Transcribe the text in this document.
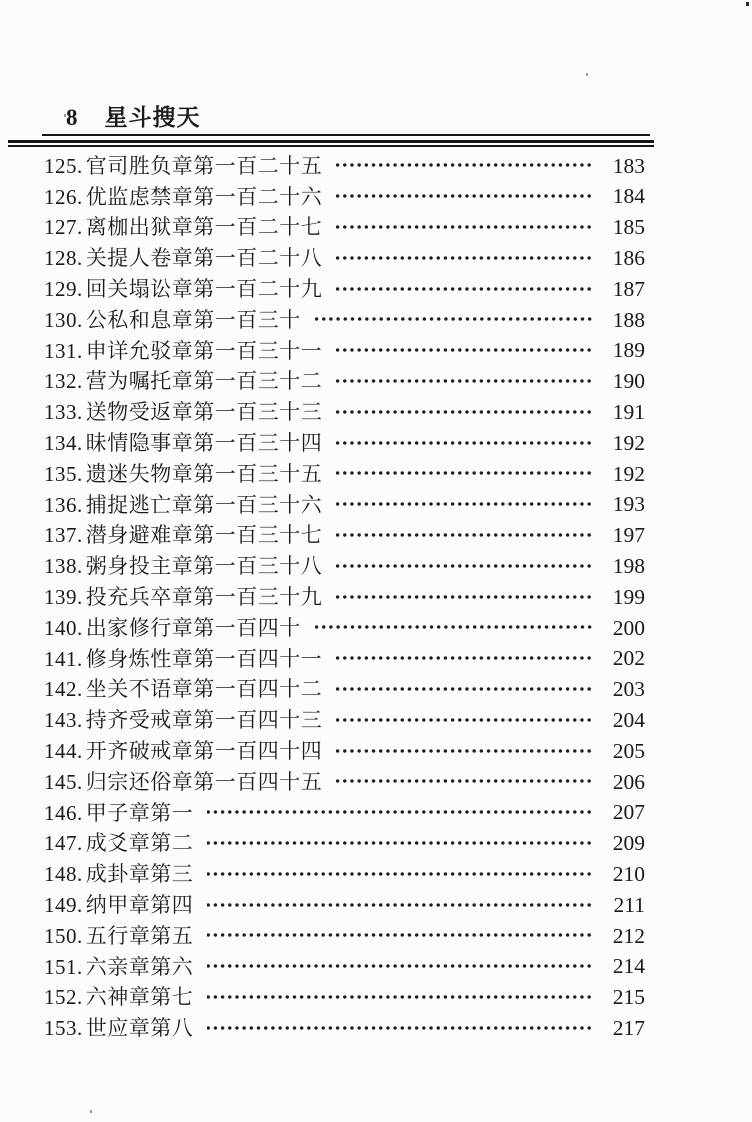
8 星斗搜天
125. 官司胜负章第一百二十五	183
126. 优监虑禁章第一百二十六	184
127. 离枷出狱章第一百二十七	185
128. 关提人卷章第一百二十八	186
129. 回关塌讼章第一百二十九	187
130. 公私和息章第一百三十	188
131. 申详允驳章第一百三十一	189
132. 营为嘱托章第一百三十二	190
133. 送物受返章第一百三十三	191
134. 昧情隐事章第一百三十四	192
135. 遗迷失物章第一百三十五	192
136. 捕捉逃亡章第一百三十六	193
137. 潜身避难章第一百三十七	197
138. 粥身投主章第一百三十八	198
139. 投充兵卒章第一百三十九	199
140. 出家修行章第一百四十	200
141. 修身炼性章第一百四十一	202
142. 坐关不语章第一百四十二	203
143. 持齐受戒章第一百四十三	204
144. 开齐破戒章第一百四十四	205
145. 归宗还俗章第一百四十五	206
146. 甲子章第一	207
147. 成爻章第二	209
148. 成卦章第三	210
149. 纳甲章第四	211
150. 五行章第五	212
151. 六亲章第六	214
152. 六神章第七	215
153. 世应章第八	217
